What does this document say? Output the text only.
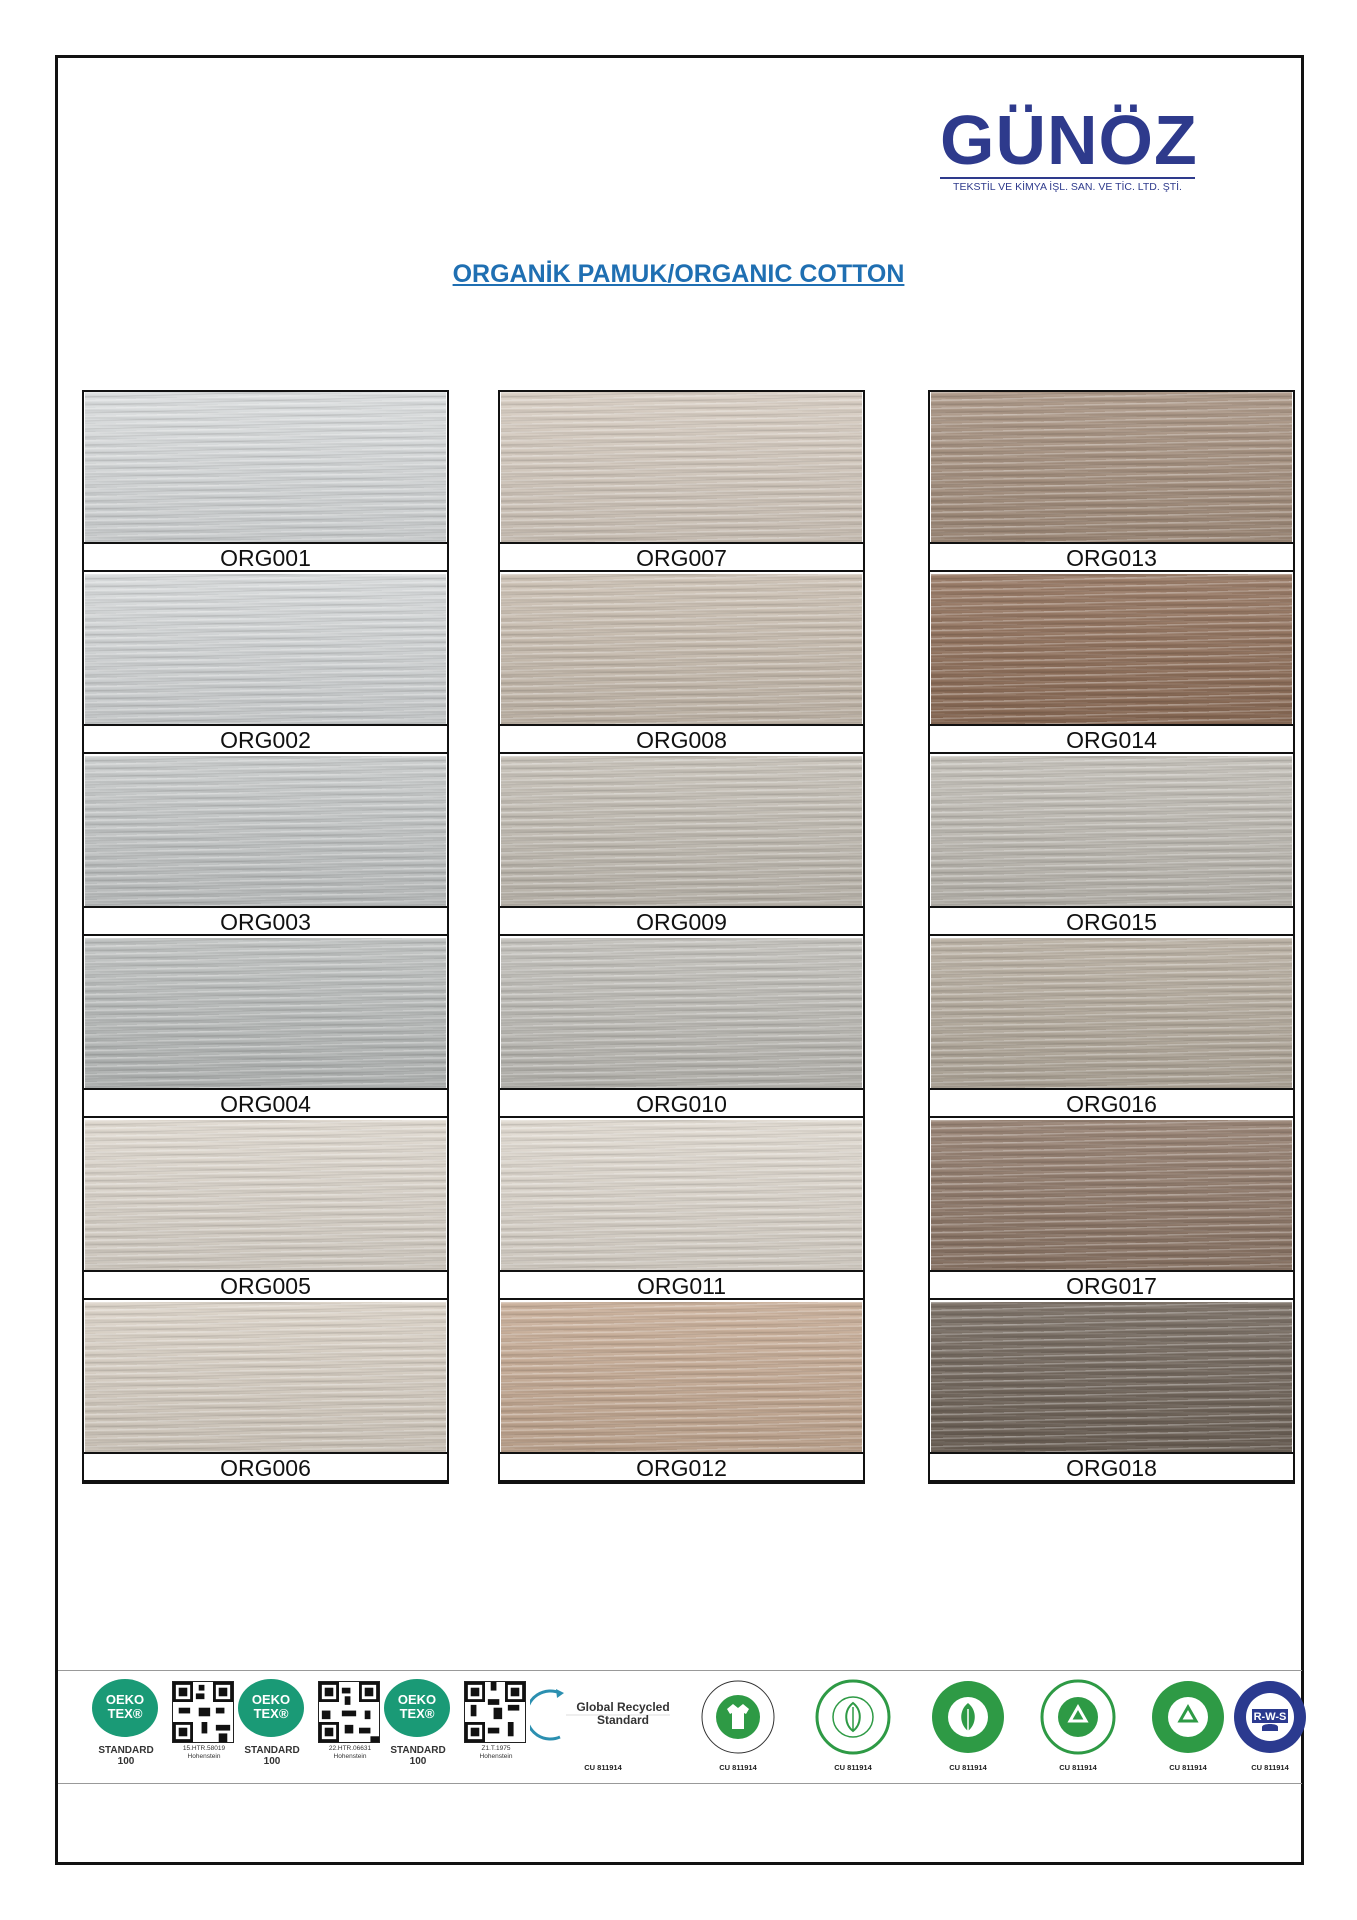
GÜNÖZ
TEKSTİL VE KİMYA İŞL. SAN. VE TİC. LTD. ŞTİ.
ORGANİK PAMUK/ORGANIC COTTON
ORG001
ORG002
ORG003
ORG004
ORG005
ORG006
ORG007
ORG008
ORG009
ORG010
ORG011
ORG012
ORG013
ORG014
ORG015
ORG016
ORG017
ORG018
OEKO
TEX®
STANDARD
100
15.HTR.58019
Hohenstein
OEKO
TEX®
STANDARD
100
22.HTR.06631
Hohenstein
OEKO
TEX®
STANDARD
100
Z1.T.1975
Hohenstein
Global Recycled Standard
CU 811914	CU 811914	CU 811914	CU 811914	CU 811914	CU 811914
R-W-S
CU 811914
